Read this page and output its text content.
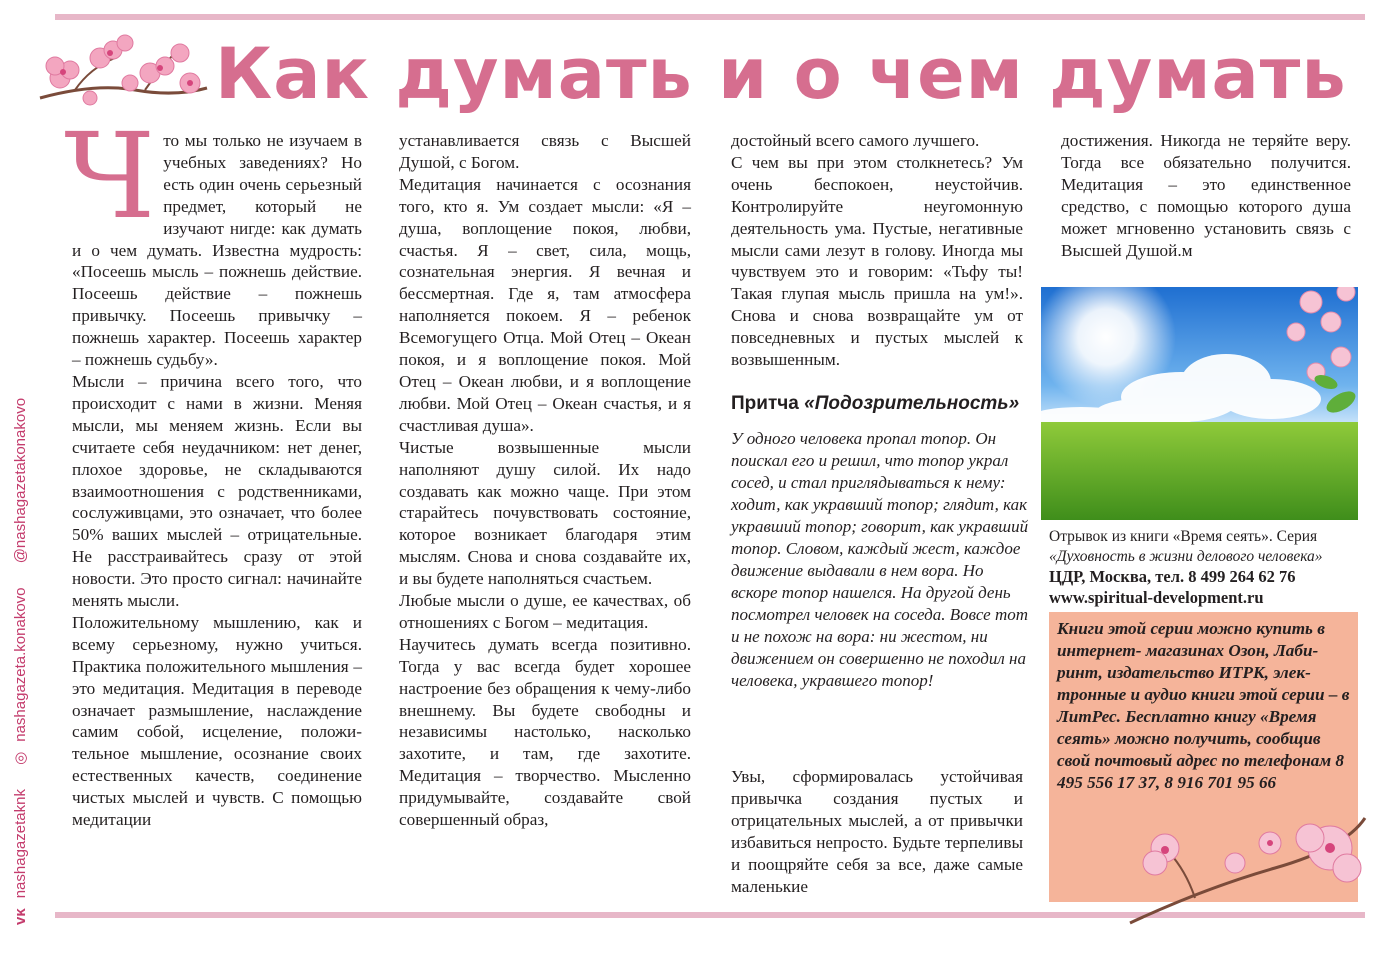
Как думать и о чем думать
ᴠᴋnashagazetaknk ◎nashagazeta.konakovo @nashagazetakonakovo

Что мы только не изучаем в учебных заведениях? Но есть один очень серьезный предмет, который не изучают нигде: как думать и о чем думать. Известна мудрость: «Посеешь мысль – пожнешь действие. Посеешь действие – пожнешь привычку. Посеешь привычку – пожнешь характер. Посеешь характер – пожнешь судьбу».

Мысли – причина всего того, что происходит с нами в жизни. Меняя мысли, мы меняем жизнь. Если вы считаете себя неудачником: нет денег, плохое здоровье, не складываются взаимоотношения с родственниками, сослуживцами, это означает, что более 50% ваших мыслей – отрицательные. Не расстраивайтесь сразу от этой новости. Это просто сигнал: начинайте менять мысли.

Положительному мышлению, как и всему серьезному, нужно учиться. Практика положительного мышления – это медитация. Медитация в переводе означает размышление, наслаждение самим собой, исцеление, положительное мышление, осознание своих естественных качеств, соединение чистых мыслей и чувств. С помощью медитации

устанавливается связь с Высшей Душой, с Богом.

Медитация начинается с осознания того, кто я. Ум создает мысли: «Я – душа, воплощение покоя, любви, счастья. Я – свет, сила, мощь, сознательная энергия. Я вечная и бессмертная. Где я, там атмосфера наполняется покоем. Я – ребенок Всемогущего Отца. Мой Отец – Океан покоя, и я воплощение покоя. Мой Отец – Океан любви, и я воплощение любви. Мой Отец – Океан счастья, и я счастливая душа».

Чистые возвышенные мысли наполняют душу силой. Их надо создавать как можно чаще. При этом старайтесь почувствовать состояние, которое возникает благодаря этим мыслям. Снова и снова создавайте их, и вы будете наполняться счастьем.

Любые мысли о душе, ее качествах, об отношениях с Богом – медитация.

Научитесь думать всегда позитивно. Тогда у вас всегда будет хорошее настроение без обращения к чему-либо внешнему. Вы будете свободны и независимы настолько, насколько захотите, и там, где захотите. Медитация – творчество. Мысленно придумывайте, создавайте свой совершенный образ,

достойный всего самого лучшего.

С чем вы при этом столкнетесь? Ум очень беспокоен, неустойчив. Контролируйте неугомонную деятельность ума. Пустые, негативные мысли сами лезут в голову. Иногда мы чувствуем это и говорим: «Тьфу ты! Такая глупая мысль пришла на ум!». Снова и снова возвращайте ум от повседневных и пустых мыслей к возвышенным.

Притча «Подозрительность»

У одного человека пропал топор. Он поискал его и решил, что топор украл сосед, и стал приглядываться к нему: ходит, как укравший топор; глядит, как укравший топор; говорит, как укравший топор. Словом, каждый жест, каждое движение выдавали в нем вора. Но вскоре топор нашелся. На другой день посмотрел человек на соседа. Вовсе тот и не похож на вора: ни жестом, ни движением он совершенно не походил на человека, укравшего топор!

Увы, сформировалась устойчивая привычка создания пустых и отрицательных мыслей, а от привычки избавиться непросто. Будьте терпеливы и поощряйте себя за все, даже самые маленькие

достижения. Никогда не теряйте веру. Тогда все обязательно получится. Медитация – это единственное средство, с помощью которого душа может мгновенно установить связь с Высшей Душой.м

Отрывок из книги «Время сеять». Серия
«Духовность в жизни делового человека»
ЦДР, Москва, тел. 8 499 264 62 76
www.spiritual-development.ru

Книги этой серии можно купить в интернет- магазинах Озон, Лабиринт, издательство ИТРК, электронные и аудио книги этой серии – в ЛитРес. Бесплатно книгу «Время сеять» можно получить, сообщив свой почтовый адрес по телефонам 8 495 556 17 37, 8 916 701 95 66
